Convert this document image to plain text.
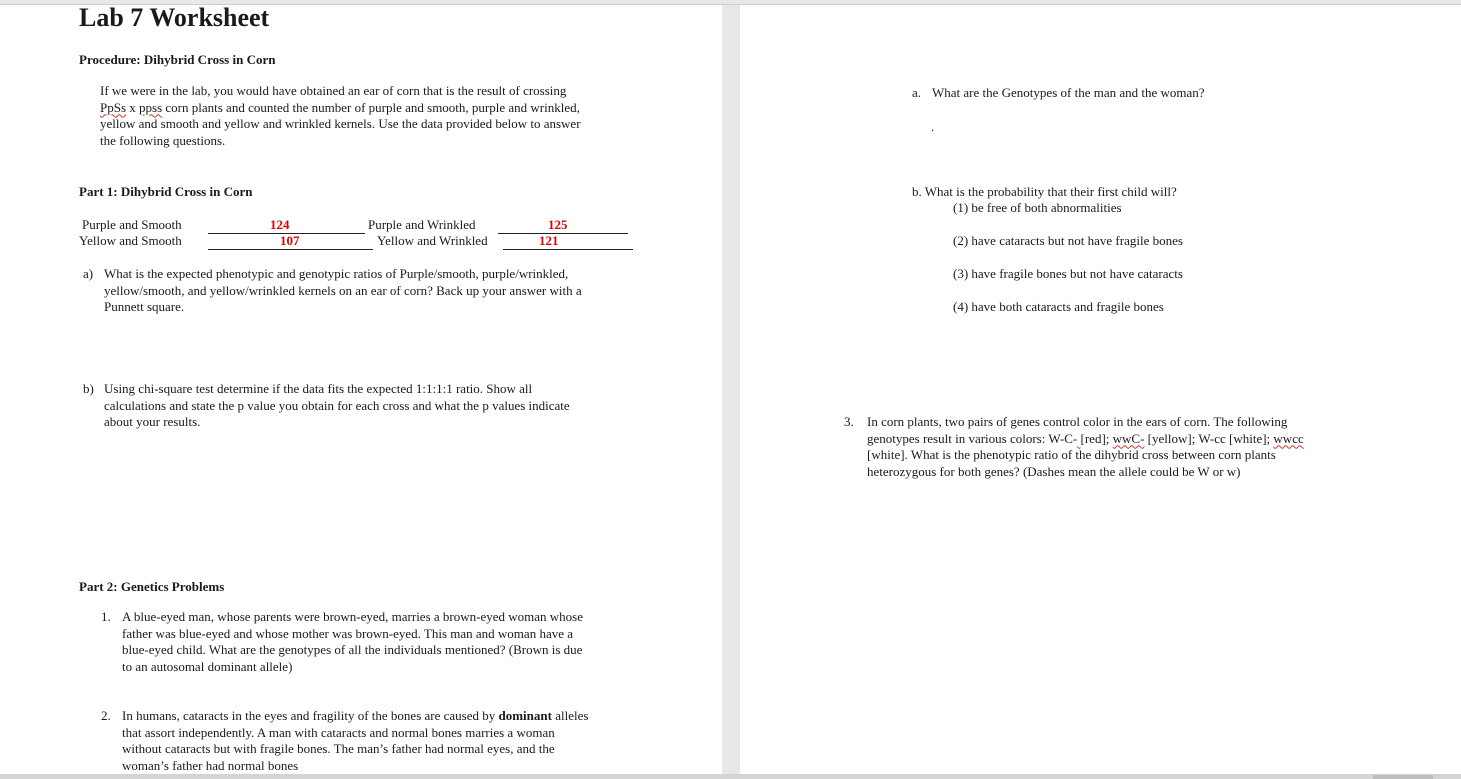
Lab 7 Worksheet
Procedure: Dihybrid Cross in Corn
If we were in the lab, you would have obtained an ear of corn that is the result of crossing
PpSs x ppss corn plants and counted the number of purple and smooth, purple and wrinkled,
yellow and smooth and yellow and wrinkled kernels. Use the data provided below to answer
the following questions.
Part 1: Dihybrid Cross in Corn
Purple and Smooth	124	Purple and Wrinkled	125
Yellow and Smooth	107	Yellow and Wrinkled	121
a) What is the expected phenotypic and genotypic ratios of Purple/smooth, purple/wrinkled,
yellow/smooth, and yellow/wrinkled kernels on an ear of corn? Back up your answer with a
Punnett square.
b) Using chi-square test determine if the data fits the expected 1:1:1:1 ratio. Show all
calculations and state the p value you obtain for each cross and what the p values indicate
about your results.
Part 2: Genetics Problems
1. A blue-eyed man, whose parents were brown-eyed, marries a brown-eyed woman whose
father was blue-eyed and whose mother was brown-eyed. This man and woman have a
blue-eyed child. What are the genotypes of all the individuals mentioned? (Brown is due
to an autosomal dominant allele)
2. In humans, cataracts in the eyes and fragility of the bones are caused by dominant alleles
that assort independently. A man with cataracts and normal bones marries a woman
without cataracts but with fragile bones. The man’s father had normal eyes, and the
woman’s father had normal bones
a. What are the Genotypes of the man and the woman?
.
b. What is the probability that their first child will?
(1) be free of both abnormalities
(2) have cataracts but not have fragile bones
(3) have fragile bones but not have cataracts
(4) have both cataracts and fragile bones
3. In corn plants, two pairs of genes control color in the ears of corn. The following
genotypes result in various colors: W-C- [red]; wwC- [yellow]; W-cc [white]; wwcc
[white]. What is the phenotypic ratio of the dihybrid cross between corn plants
heterozygous for both genes? (Dashes mean the allele could be W or w)
